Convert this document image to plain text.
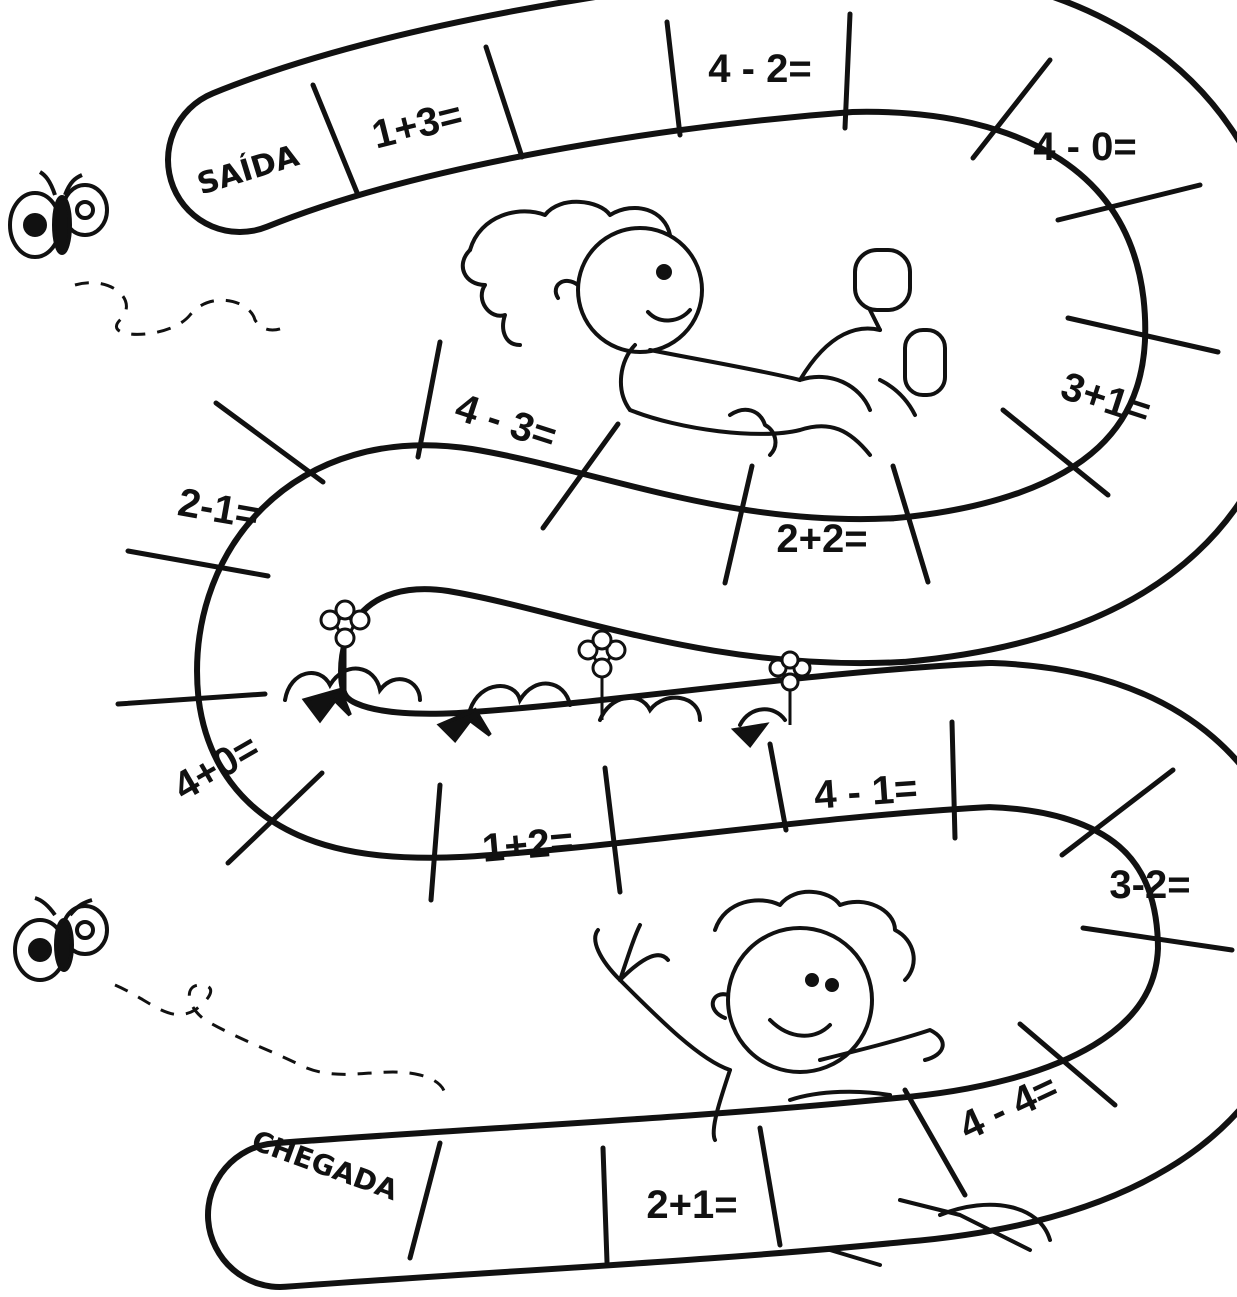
SAÍDA
CHEGADA
1+3=
4 - 2=
4 - 0=
3+1=
2+2=
4 - 3=
2-1=
4+0=
1+2=
4 - 1=
3-2=
4 - 4=
2+1=
